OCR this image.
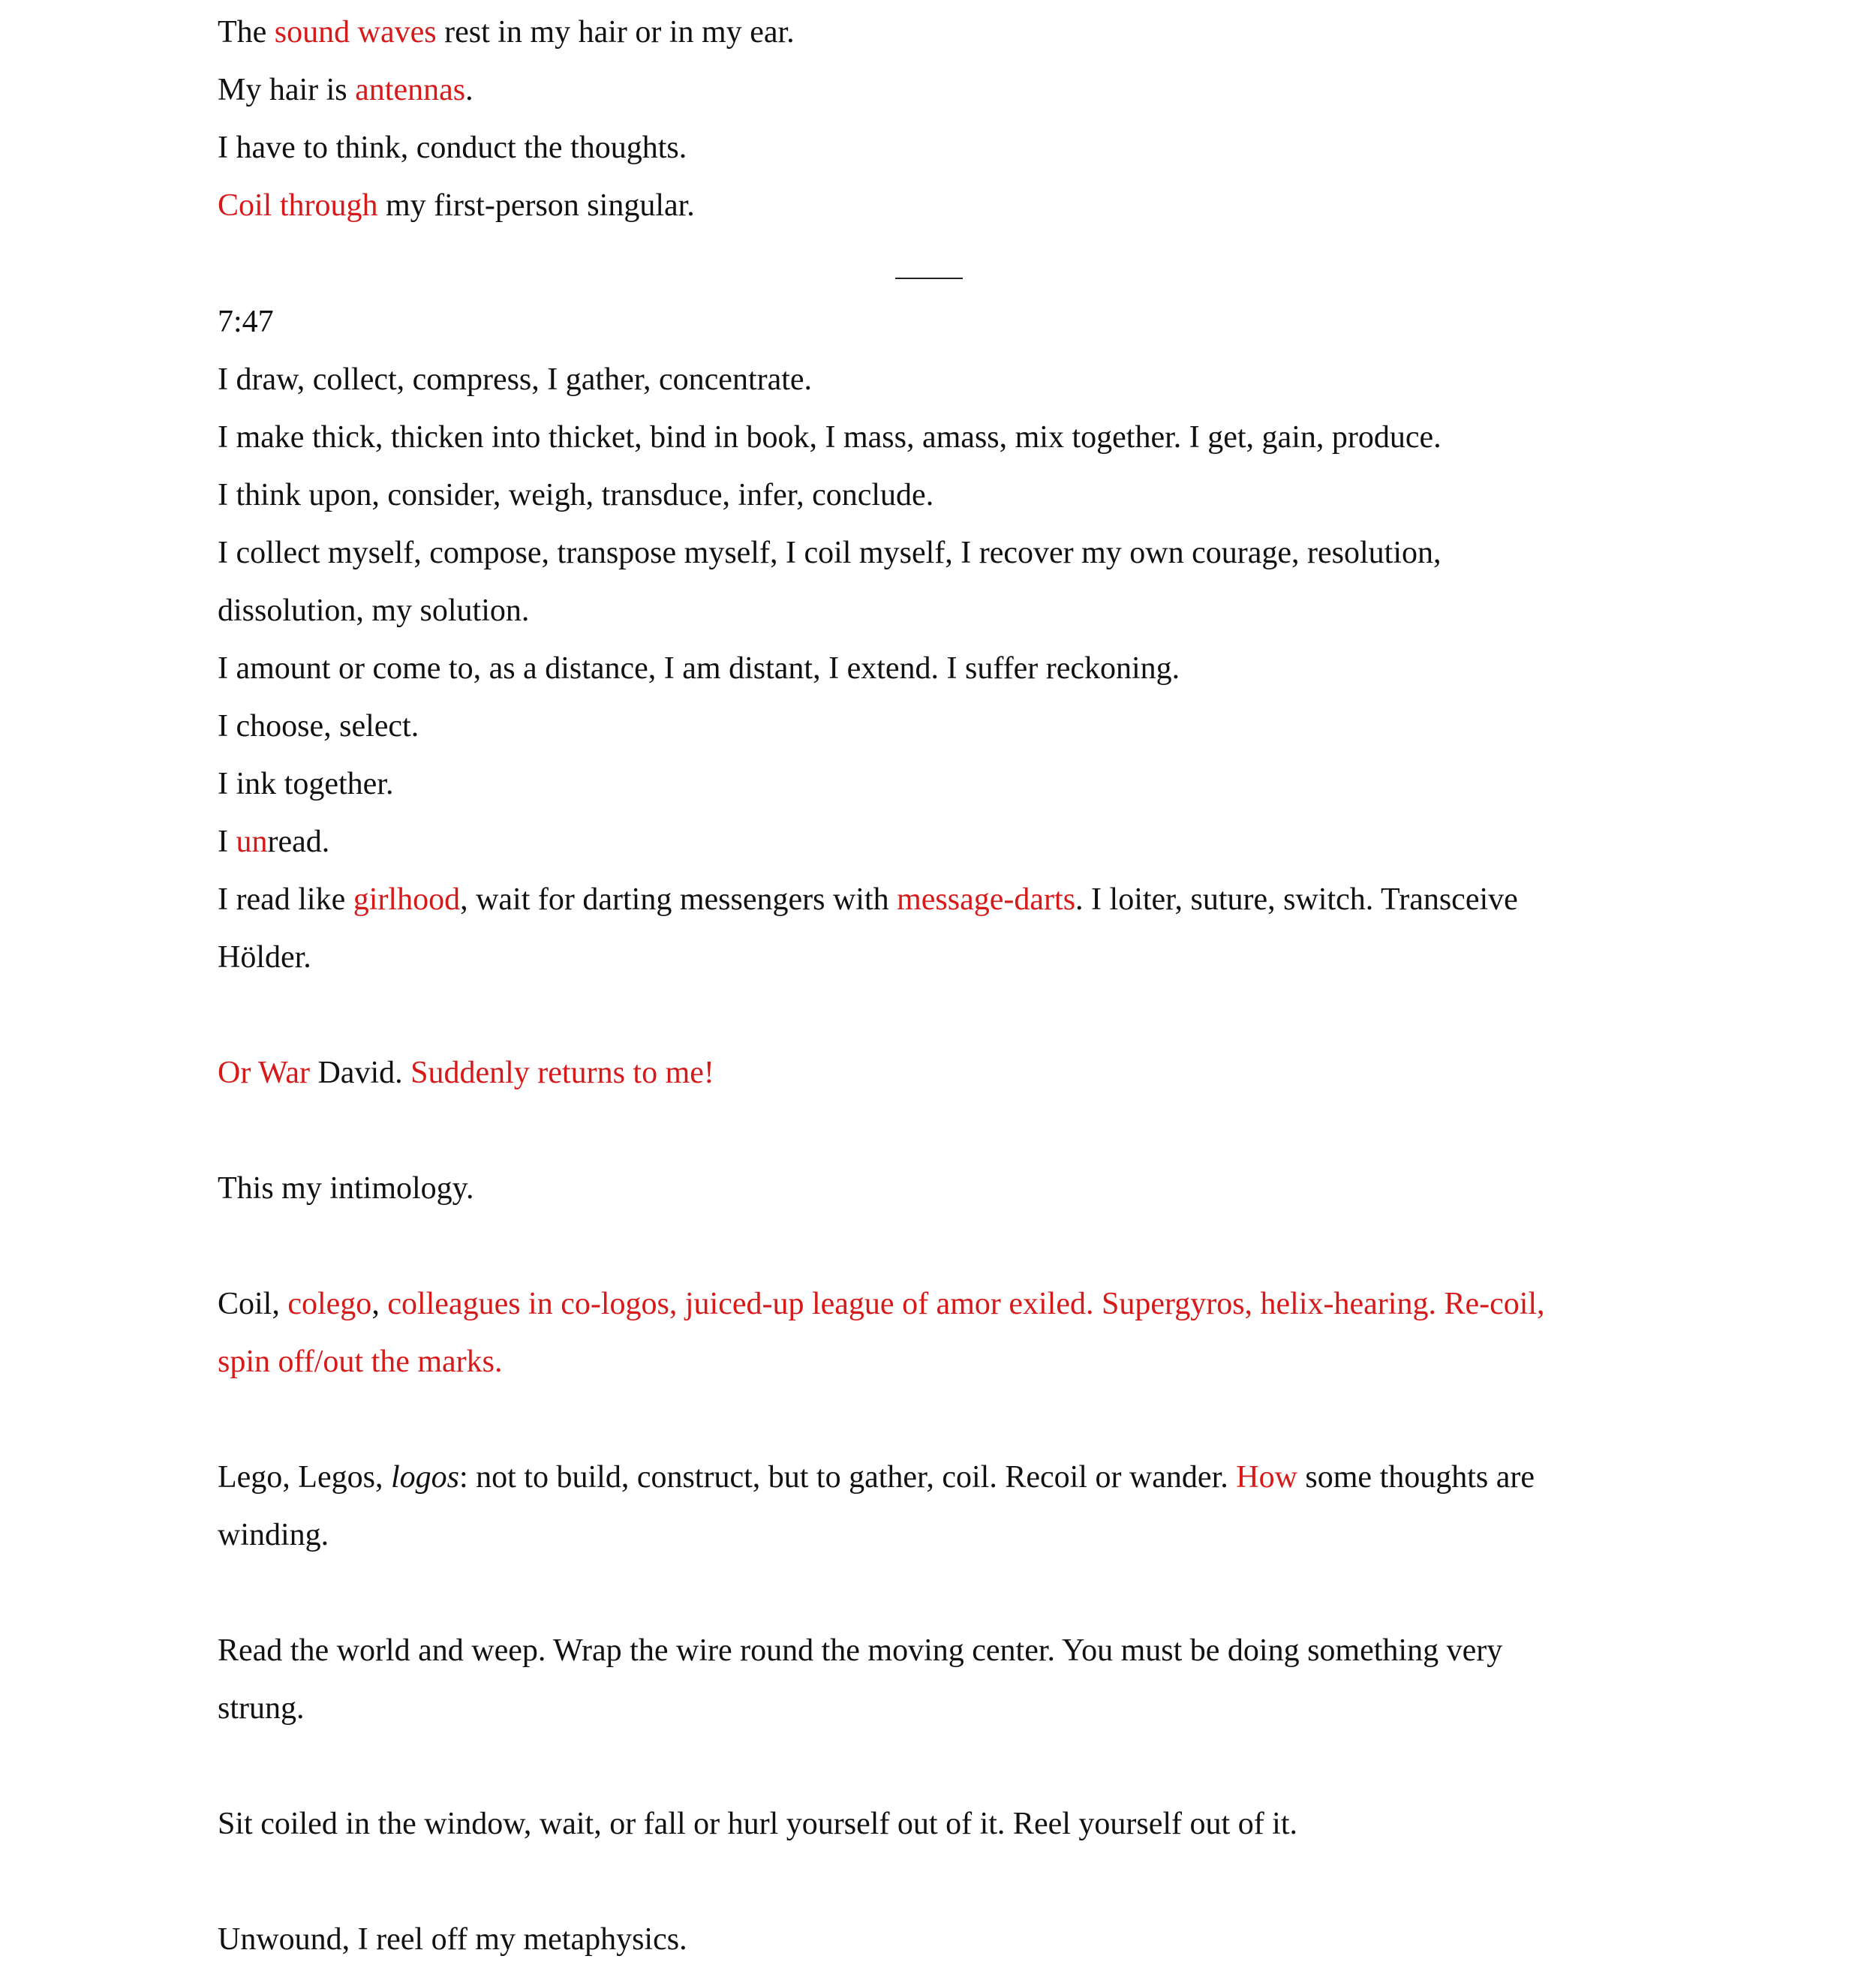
The sound waves rest in my hair or in my ear.
My hair is antennas.
I have to think, conduct the thoughts.
Coil through my first-person singular.
7:47
I draw, collect, compress, I gather, concentrate.
I make thick, thicken into thicket, bind in book, I mass, amass, mix together. I get, gain, produce.
I think upon, consider, weigh, transduce, infer, conclude.
I collect myself, compose, transpose myself, I coil myself, I recover my own courage, resolution,
dissolution, my solution.
I amount or come to, as a distance, I am distant, I extend. I suffer reckoning.
I choose, select.
I ink together.
I unread.
I read like girlhood, wait for darting messengers with message-darts. I loiter, suture, switch. Transceive
Hölder.
Or War David. Suddenly returns to me!
This my intimology.
Coil, colego, colleagues in co-logos, juiced-up league of amor exiled. Supergyros, helix-hearing. Re-coil,
spin off/out the marks.
Lego, Legos, logos: not to build, construct, but to gather, coil. Recoil or wander. How some thoughts are
winding.
Read the world and weep. Wrap the wire round the moving center. You must be doing something very
strung.
Sit coiled in the window, wait, or fall or hurl yourself out of it. Reel yourself out of it.
Unwound, I reel off my metaphysics.
